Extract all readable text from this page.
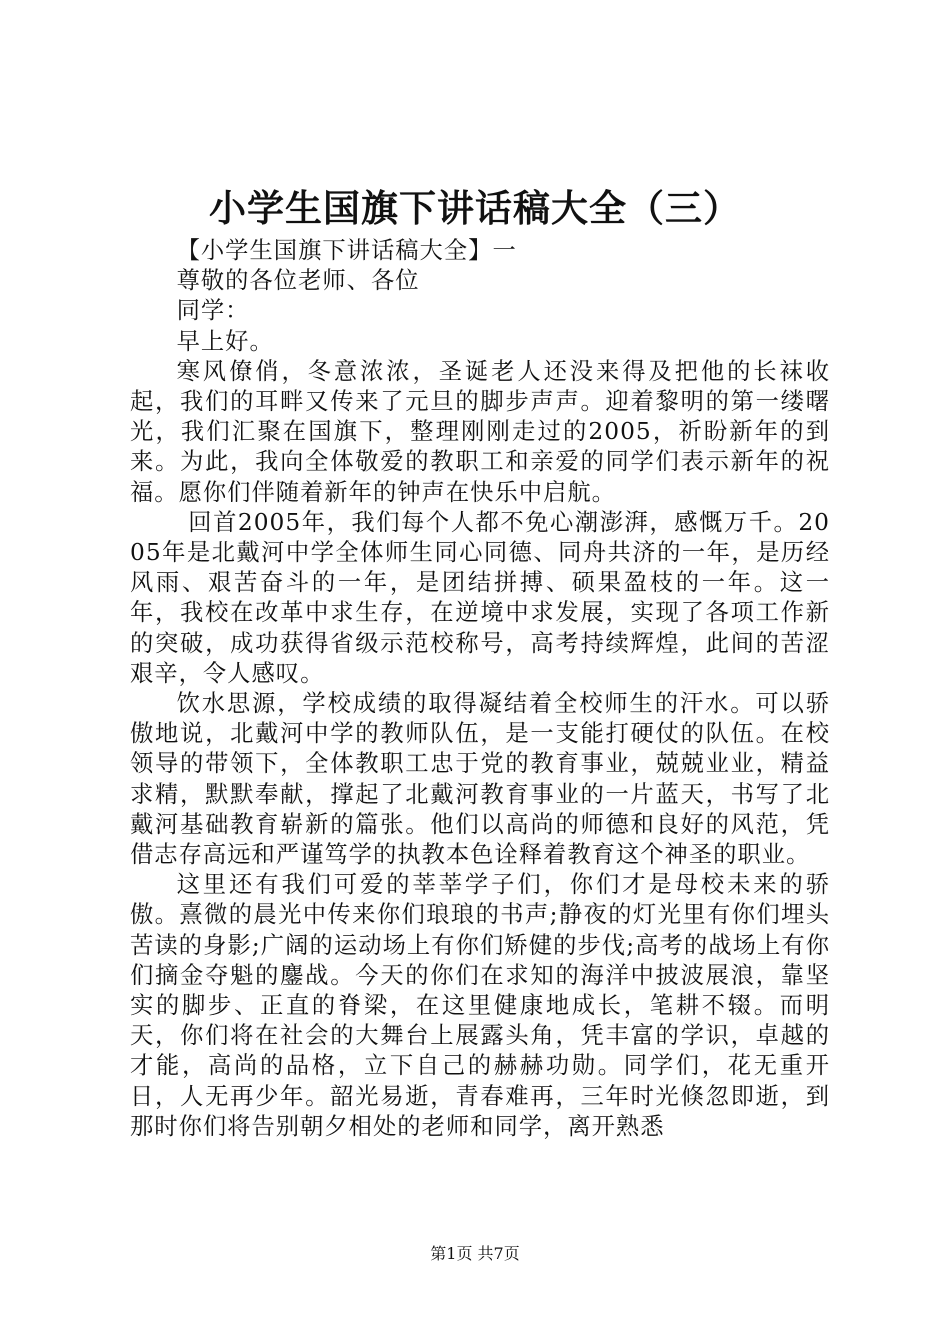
小学生国旗下讲话稿大全（三）

【小学生国旗下讲话稿大全】一

尊敬的各位老师、各位

同学：

早上好。

寒风僚俏，冬意浓浓，圣诞老人还没来得及把他的长袜收起，我们的耳畔又传来了元旦的脚步声声。迎着黎明的第一缕曙光，我们汇聚在国旗下，整理刚刚走过的2005，祈盼新年的到来。为此，我向全体敬爱的教职工和亲爱的同学们表示新年的祝福。愿你们伴随着新年的钟声在快乐中启航。

回首2005年，我们每个人都不免心潮澎湃，感慨万千。2005年是北戴河中学全体师生同心同德、同舟共济的一年，是历经风雨、艰苦奋斗的一年，是团结拼搏、硕果盈枝的一年。这一年，我校在改革中求生存，在逆境中求发展，实现了各项工作新的突破，成功获得省级示范校称号，高考持续辉煌，此间的苦涩艰辛，令人感叹。

饮水思源，学校成绩的取得凝结着全校师生的汗水。可以骄傲地说，北戴河中学的教师队伍，是一支能打硬仗的队伍。在校领导的带领下，全体教职工忠于党的教育事业，兢兢业业，精益求精，默默奉献，撑起了北戴河教育事业的一片蓝天，书写了北戴河基础教育崭新的篇张。他们以高尚的师德和良好的风范，凭借志存高远和严谨笃学的执教本色诠释着教育这个神圣的职业。

这里还有我们可爱的莘莘学子们，你们才是母校未来的骄傲。熹微的晨光中传来你们琅琅的书声;静夜的灯光里有你们埋头苦读的身影;广阔的运动场上有你们矫健的步伐;高考的战场上有你们摘金夺魁的鏖战。今天的你们在求知的海洋中披波展浪，靠坚实的脚步、正直的脊梁，在这里健康地成长，笔耕不辍。而明天，你们将在社会的大舞台上展露头角，凭丰富的学识，卓越的才能，高尚的品格，立下自己的赫赫功勋。同学们，花无重开日，人无再少年。韶光易逝，青春难再，三年时光倏忽即逝，到那时你们将告别朝夕相处的老师和同学，离开熟悉

第1页 共7页
